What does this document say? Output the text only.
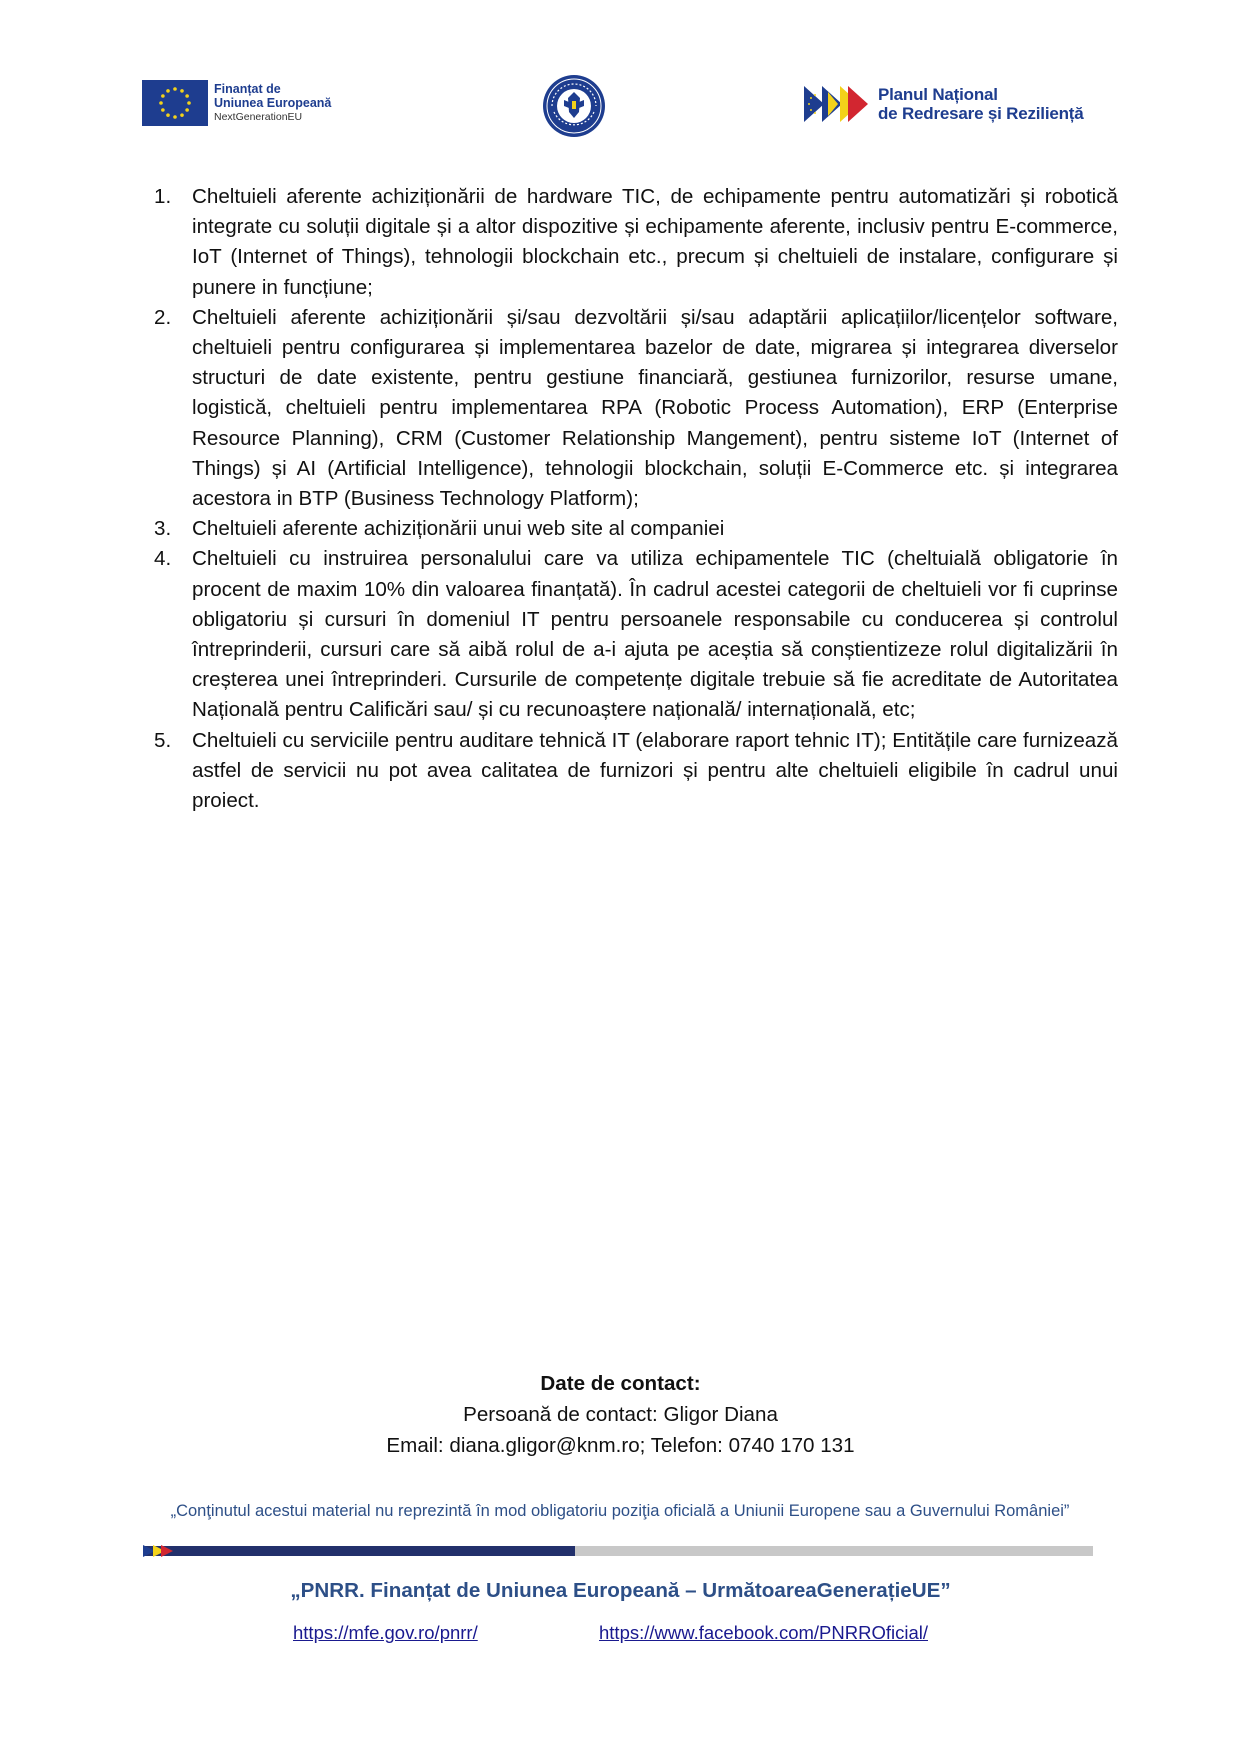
Finanțat de
Uniunea Europeană
NextGenerationEU
Planul Național
de Redresare și Reziliență
1.	Cheltuieli aferente achiziționării de hardware TIC, de echipamente pentru automatizări și robotică integrate cu soluții digitale și a altor dispozitive și echipamente aferente, inclusiv pentru E-commerce, IoT (Internet of Things), tehnologii blockchain etc., precum și cheltuieli de instalare, configurare și punere in funcțiune;
2.	Cheltuieli aferente achiziționării și/sau dezvoltării și/sau adaptării aplicațiilor/licențelor software, cheltuieli pentru configurarea și implementarea bazelor de date, migrarea și integrarea diverselor structuri de date existente, pentru gestiune financiară, gestiunea furnizorilor, resurse umane, logistică, cheltuieli pentru implementarea RPA (Robotic Process Automation), ERP (Enterprise Resource Planning), CRM (Customer Relationship Mangement), pentru sisteme IoT (Internet of Things) și AI (Artificial Intelligence), tehnologii blockchain, soluții E-Commerce etc. și integrarea acestora in BTP (Business Technology Platform);
3.	Cheltuieli aferente achiziționării unui web site al companiei
4.	Cheltuieli cu instruirea personalului care va utiliza echipamentele TIC (cheltuială obligatorie în procent de maxim 10% din valoarea finanțată). În cadrul acestei categorii de cheltuieli vor fi cuprinse obligatoriu și cursuri în domeniul IT pentru persoanele responsabile cu conducerea și controlul întreprinderii, cursuri care să aibă rolul de a-i ajuta pe aceștia să conștientizeze rolul digitalizării în creșterea unei întreprinderi. Cursurile de competențe digitale trebuie să fie acreditate de Autoritatea Națională pentru Calificări sau/ și cu recunoaștere națională/ internațională, etc;
5.	Cheltuieli cu serviciile pentru auditare tehnică IT (elaborare raport tehnic IT); Entitățile care furnizează astfel de servicii nu pot avea calitatea de furnizori și pentru alte cheltuieli eligibile în cadrul unui proiect.
Date de contact:
Persoană de contact: Gligor Diana
Email: diana.gligor@knm.ro; Telefon: 0740 170 131
„Conţinutul acestui material nu reprezintă în mod obligatoriu poziţia oficială a Uniunii Europene sau a Guvernului României”
„PNRR. Finanțat de Uniunea Europeană – UrmătoareaGenerațieUE”
https://mfe.gov.ro/pnrr/	https://www.facebook.com/PNRROficial/
